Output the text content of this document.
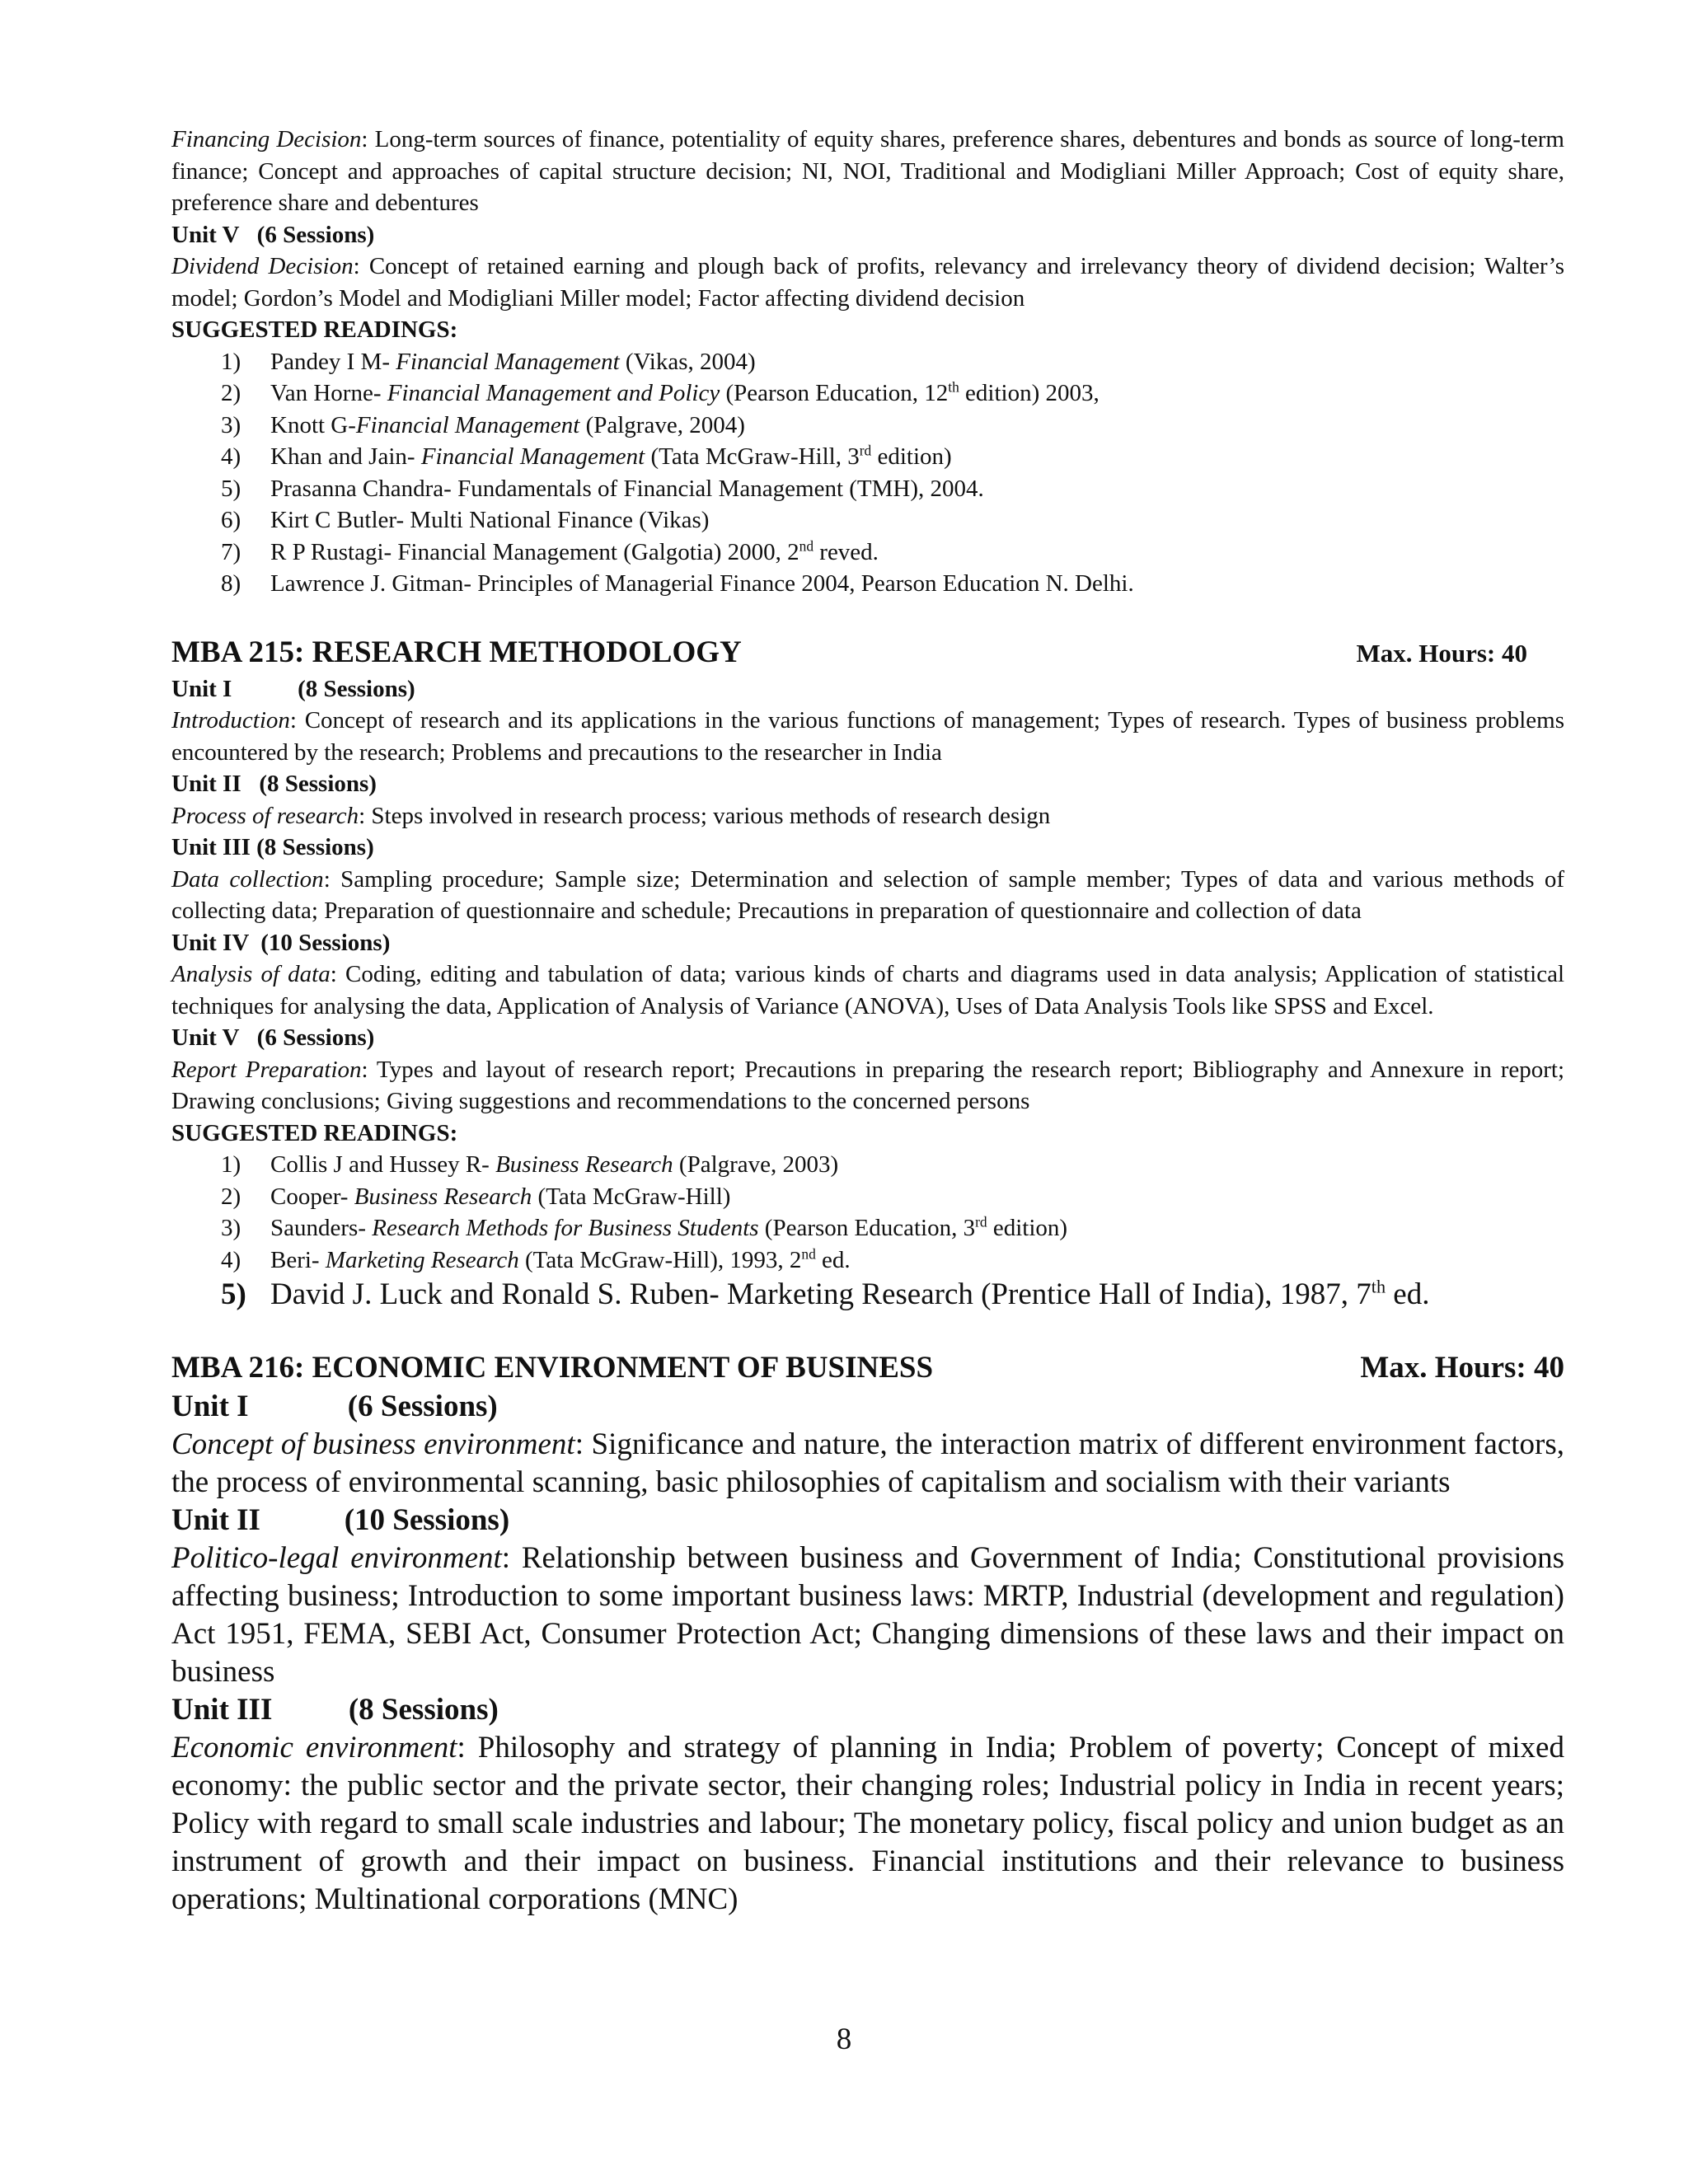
Financing Decision: Long-term sources of finance, potentiality of equity shares, preference shares, debentures and bonds as source of long-term finance; Concept and approaches of capital structure decision; NI, NOI, Traditional and Modigliani Miller Approach; Cost of equity share, preference share and debentures

Unit V   (6 Sessions)

Dividend Decision: Concept of retained earning and plough back of profits, relevancy and irrelevancy theory of dividend decision; Walter’s model; Gordon’s Model and Modigliani Miller model; Factor affecting dividend decision

SUGGESTED READINGS:

1)	Pandey I M- Financial Management (Vikas, 2004)
2)	Van Horne- Financial Management and Policy (Pearson Education, 12th edition) 2003,
3)	Knott G-Financial Management (Palgrave, 2004)
4)	Khan and Jain- Financial Management (Tata McGraw-Hill, 3rd edition)
5)	Prasanna Chandra- Fundamentals of Financial Management (TMH), 2004.
6)	Kirt C Butler- Multi National Finance (Vikas)
7)	R P Rustagi- Financial Management (Galgotia) 2000, 2nd reved.
8)	Lawrence J. Gitman- Principles of Managerial Finance 2004, Pearson Education N. Delhi.
MBA 215: RESEARCH METHODOLOGY	Max. Hours: 40

Unit I           (8 Sessions)

Introduction: Concept of research and its applications in the various functions of management; Types of research. Types of business problems encountered by the research; Problems and precautions to the researcher in India

Unit II   (8 Sessions)

Process of research: Steps involved in research process; various methods of research design

Unit III (8 Sessions)

Data collection: Sampling procedure; Sample size; Determination and selection of sample member; Types of data and various methods of collecting data; Preparation of questionnaire and schedule; Precautions in preparation of questionnaire and collection of data

Unit IV  (10 Sessions)

Analysis of data: Coding, editing and tabulation of data; various kinds of charts and diagrams used in data analysis; Application of statistical techniques for analysing the data, Application of Analysis of Variance (ANOVA), Uses of Data Analysis Tools like SPSS and Excel.

Unit V   (6 Sessions)

Report Preparation: Types and layout of research report; Precautions in preparing the research report; Bibliography and Annexure in report; Drawing conclusions; Giving suggestions and recommendations to the concerned persons

SUGGESTED READINGS:

1)	Collis J and Hussey R- Business Research (Palgrave, 2003)
2)	Cooper- Business Research (Tata McGraw-Hill)
3)	Saunders- Research Methods for Business Students (Pearson Education, 3rd edition)
4)	Beri- Marketing Research (Tata McGraw-Hill), 1993, 2nd ed.
5) David J. Luck and Ronald S. Ruben- Marketing Research (Prentice Hall of India), 1987, 7th ed.
MBA 216: ECONOMIC ENVIRONMENT OF BUSINESS	Max. Hours: 40

Unit I             (6 Sessions)

Concept of business environment: Significance and nature, the interaction matrix of different environment factors, the process of environmental scanning, basic philosophies of capitalism and socialism with their variants

Unit II           (10 Sessions)

Politico-legal environment: Relationship between business and Government of India; Constitutional provisions affecting business; Introduction to some important business laws: MRTP, Industrial (development and regulation) Act 1951, FEMA, SEBI Act, Consumer Protection Act; Changing dimensions of these laws and their impact on business

Unit III          (8 Sessions)

Economic environment: Philosophy and strategy of planning in India; Problem of poverty; Concept of mixed economy: the public sector and the private sector, their changing roles; Industrial policy in India in recent years; Policy with regard to small scale industries and labour; The monetary policy, fiscal policy and union budget as an instrument of growth and their impact on business. Financial institutions and their relevance to business operations; Multinational corporations (MNC)

8
